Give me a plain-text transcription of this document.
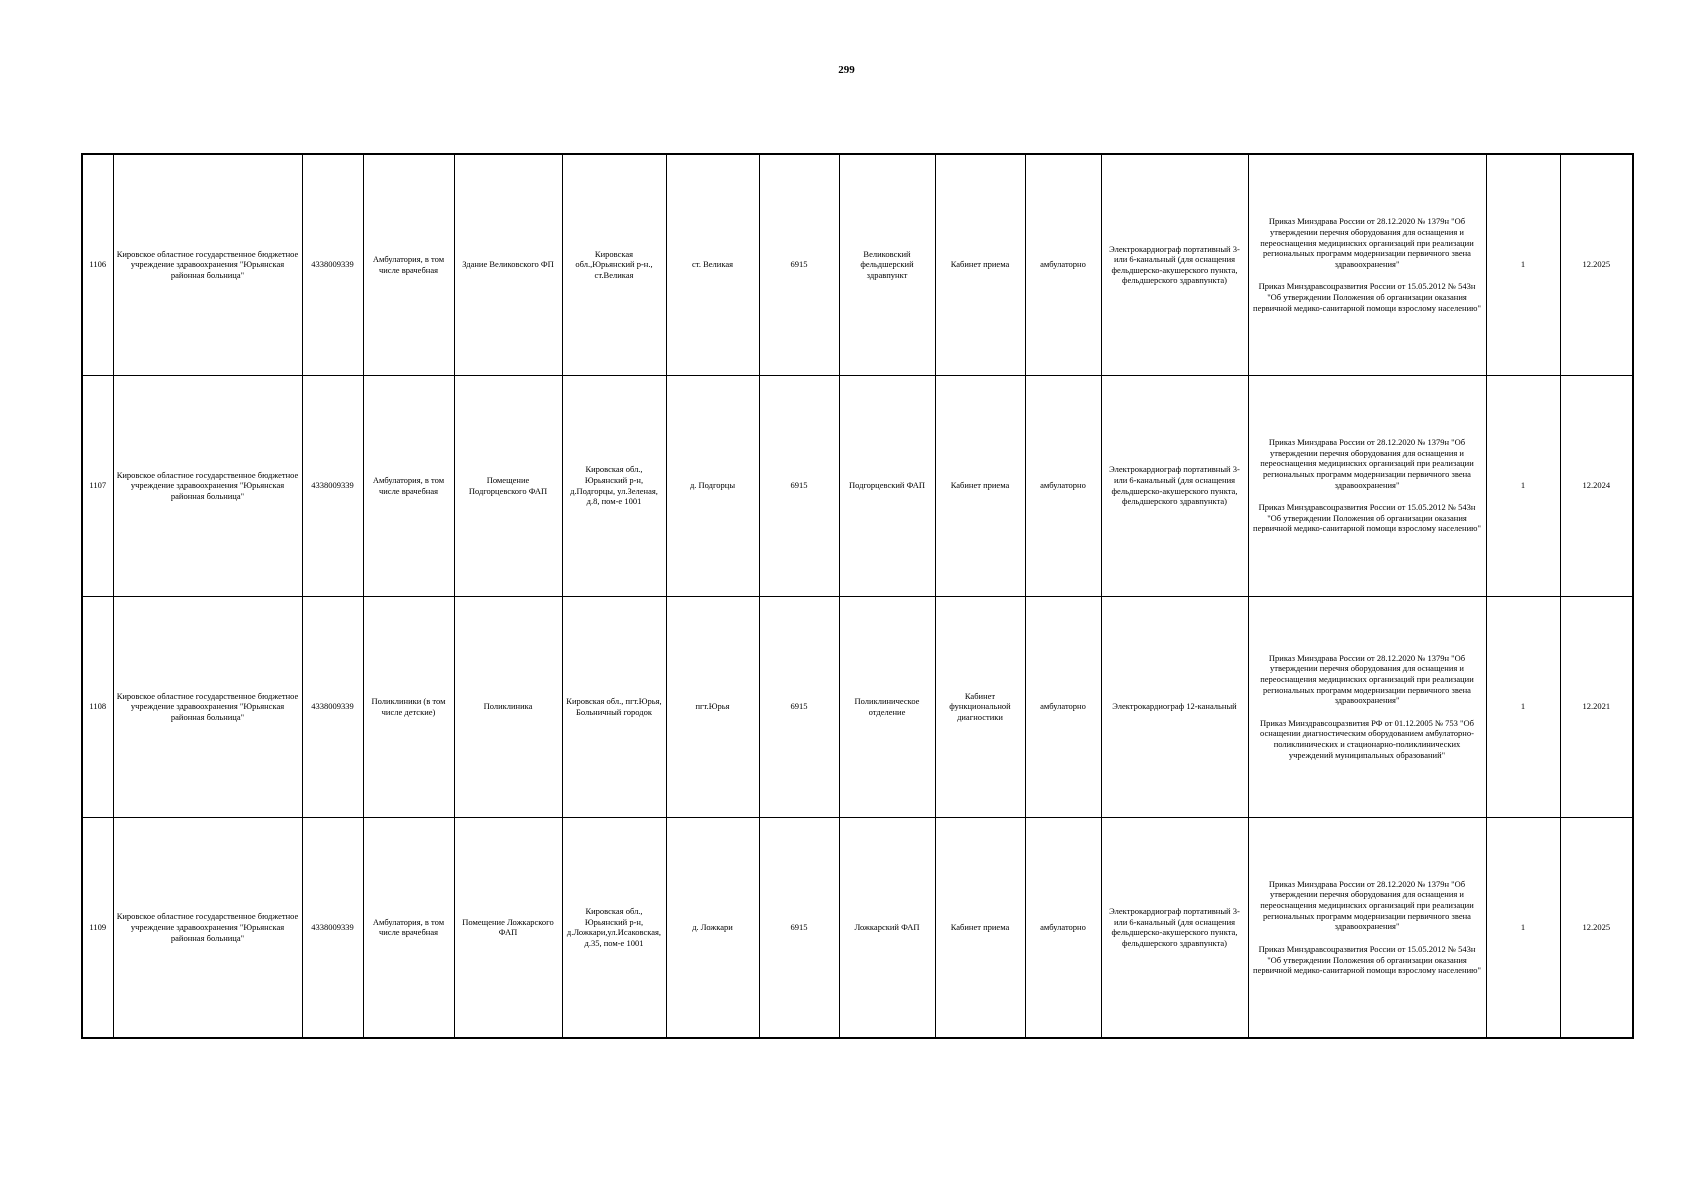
299
1106	Кировское областное государственное бюджетное учреждение здравоохранения "Юрьянская районная больница"	4338009339	Амбулатория, в том числе врачебная	Здание Великовского ФП	Кировская обл.,Юрьянский р-н., ст.Великая	ст. Великая	6915	Великовский фельдшерский здравпункт	Кабинет приема	амбулаторно	Электрокардиограф портативный 3- или 6-канальный (для оснащения фельдшерско-акушерского пункта, фельдшерского здравпункта)	Приказ Минздрава России от 28.12.2020 № 1379н "Об утверждении перечня оборудования для оснащения и переоснащения медицинских организаций при реализации региональных программ модернизации первичного звена здравоохранения"
Приказ Минздравсоцразвития России от 15.05.2012 № 543н "Об утверждении Положения об организации оказания первичной медико-санитарной помощи взрослому населению"	1	12.2025
1107	Кировское областное государственное бюджетное учреждение здравоохранения "Юрьянская районная больница"	4338009339	Амбулатория, в том числе врачебная	Помещение Подгорцевского ФАП	Кировская обл., Юрьянский р-н, д.Подгорцы, ул.Зеленая, д.8, пом-е 1001	д. Подгорцы	6915	Подгорцевский ФАП	Кабинет приема	амбулаторно	Электрокардиограф портативный 3- или 6-канальный (для оснащения фельдшерско-акушерского пункта, фельдшерского здравпункта)	Приказ Минздрава России от 28.12.2020 № 1379н "Об утверждении перечня оборудования для оснащения и переоснащения медицинских организаций при реализации региональных программ модернизации первичного звена здравоохранения"
Приказ Минздравсоцразвития России от 15.05.2012 № 543н "Об утверждении Положения об организации оказания первичной медико-санитарной помощи взрослому населению"	1	12.2024
1108	Кировское областное государственное бюджетное учреждение здравоохранения "Юрьянская районная больница"	4338009339	Поликлиники (в том числе детские)	Поликлиника	Кировская обл., пгт.Юрья, Больничный городок	пгт.Юрья	6915	Поликлиническое отделение	Кабинет функциональной диагностики	амбулаторно	Электрокардиограф 12-канальный	Приказ Минздрава России от 28.12.2020 № 1379н "Об утверждении перечня оборудования для оснащения и переоснащения медицинских организаций при реализации региональных программ модернизации первичного звена здравоохранения"
Приказ Минздравсоцразвития РФ от 01.12.2005 № 753 "Об оснащении диагностическим оборудованием амбулаторно-поликлинических и стационарно-поликлинических учреждений муниципальных образований"	1	12.2021
1109	Кировское областное государственное бюджетное учреждение здравоохранения "Юрьянская районная больница"	4338009339	Амбулатория, в том числе врачебная	Помещение Ложкарского ФАП	Кировская обл., Юрьянский р-н, д.Ложкари,ул.Исаковская, д.35, пом-е 1001	д. Ложкари	6915	Ложкарский ФАП	Кабинет приема	амбулаторно	Электрокардиограф портативный 3- или 6-канальный (для оснащения фельдшерско-акушерского пункта, фельдшерского здравпункта)	Приказ Минздрава России от 28.12.2020 № 1379н "Об утверждении перечня оборудования для оснащения и переоснащения медицинских организаций при реализации региональных программ модернизации первичного звена здравоохранения"
Приказ Минздравсоцразвития России от 15.05.2012 № 543н "Об утверждении Положения об организации оказания первичной медико-санитарной помощи взрослому населению"	1	12.2025
